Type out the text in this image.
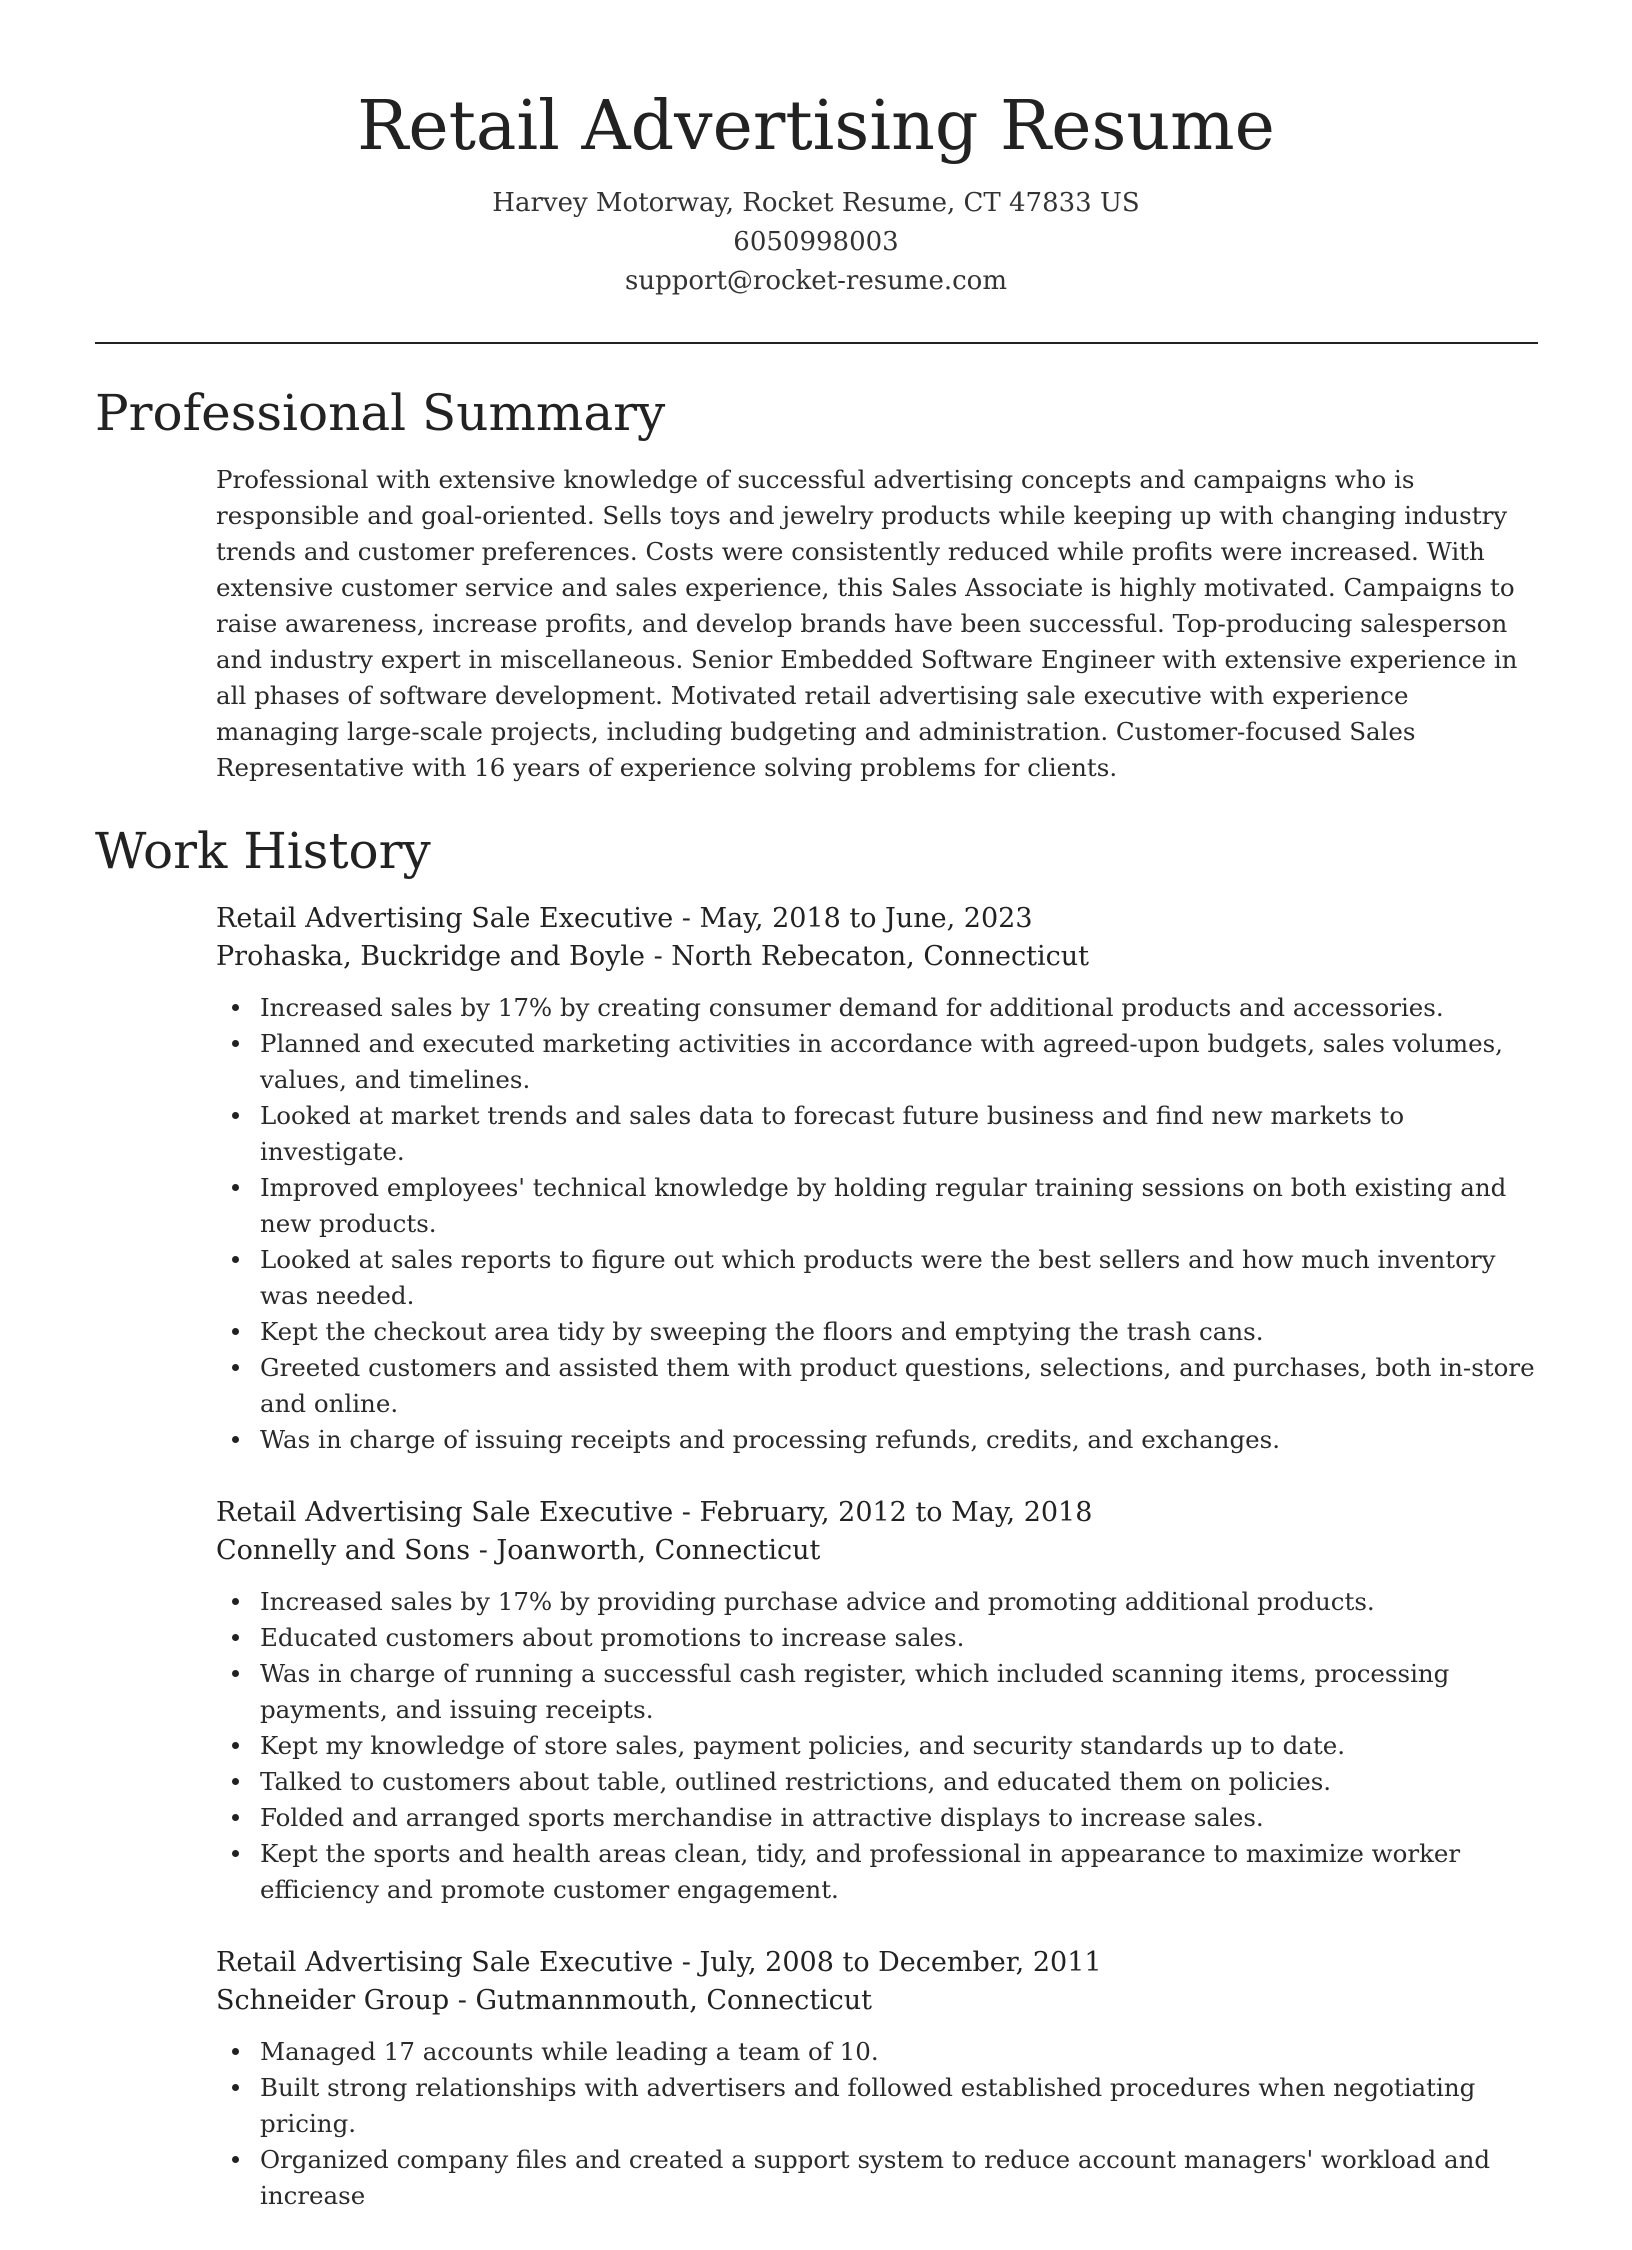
Retail Advertising Resume
Harvey Motorway, Rocket Resume, CT 47833 US
6050998003
support@rocket-resume.com
Professional Summary

Professional with extensive knowledge of successful advertising concepts and campaigns who is responsible and goal-oriented. Sells toys and jewelry products while keeping up with changing industry trends and customer preferences. Costs were consistently reduced while profits were increased. With extensive customer service and sales experience, this Sales Associate is highly motivated. Campaigns to raise awareness, increase profits, and develop brands have been successful. Top-producing salesperson and industry expert in miscellaneous. Senior Embedded Software Engineer with extensive experience in all phases of software development. Motivated retail advertising sale executive with experience managing large-scale projects, including budgeting and administration. Customer-focused Sales Representative with 16 years of experience solving problems for clients.

Work History
Retail Advertising Sale Executive - May, 2018 to June, 2023
Prohaska, Buckridge and Boyle - North Rebecaton, Connecticut
Increased sales by 17% by creating consumer demand for additional products and accessories.
Planned and executed marketing activities in accordance with agreed-upon budgets, sales volumes, values, and timelines.
Looked at market trends and sales data to forecast future business and find new markets to investigate.
Improved employees' technical knowledge by holding regular training sessions on both existing and new products.
Looked at sales reports to figure out which products were the best sellers and how much inventory was needed.
Kept the checkout area tidy by sweeping the floors and emptying the trash cans.
Greeted customers and assisted them with product questions, selections, and purchases, both in-store and online.
Was in charge of issuing receipts and processing refunds, credits, and exchanges.
Retail Advertising Sale Executive - February, 2012 to May, 2018
Connelly and Sons - Joanworth, Connecticut
Increased sales by 17% by providing purchase advice and promoting additional products.
Educated customers about promotions to increase sales.
Was in charge of running a successful cash register, which included scanning items, processing payments, and issuing receipts.
Kept my knowledge of store sales, payment policies, and security standards up to date.
Talked to customers about table, outlined restrictions, and educated them on policies.
Folded and arranged sports merchandise in attractive displays to increase sales.
Kept the sports and health areas clean, tidy, and professional in appearance to maximize worker efficiency and promote customer engagement.
Retail Advertising Sale Executive - July, 2008 to December, 2011
Schneider Group - Gutmannmouth, Connecticut
Managed 17 accounts while leading a team of 10.
Built strong relationships with advertisers and followed established procedures when negotiating pricing.
Organized company files and created a support system to reduce account managers' workload and increase
